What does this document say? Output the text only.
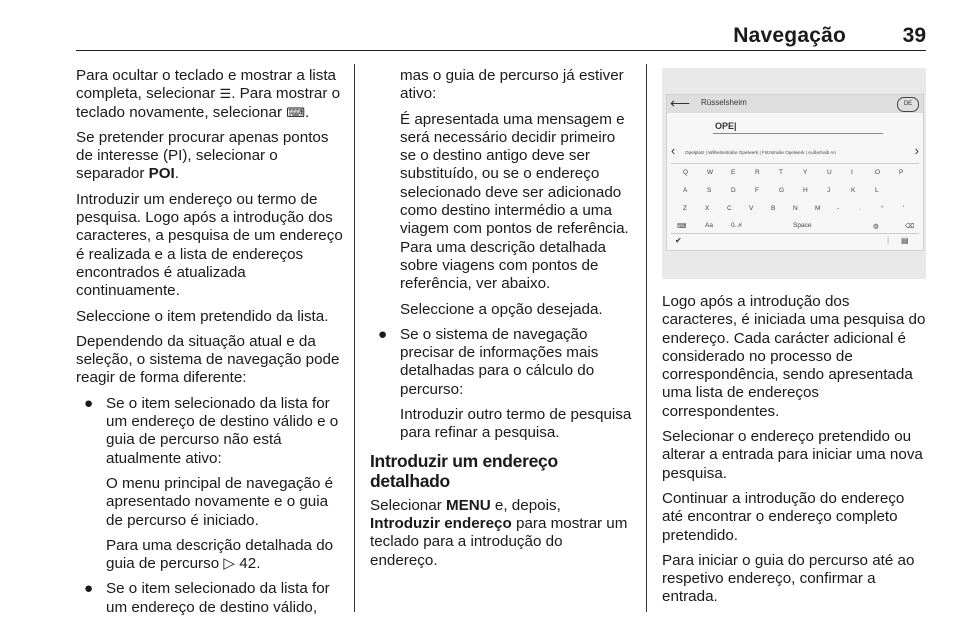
Navegação	39

Para ocultar o teclado e mostrar a lista completa, selecionar ☰. Para mostrar o teclado novamente, selecionar ⌨.

Se pretender procurar apenas pontos de interesse (PI), selecionar o separador POI.

Introduzir um endereço ou termo de pesquisa. Logo após a introdução dos caracteres, a pesquisa de um endereço é realizada e a lista de endereços encontrados é atualizada continuamente.

Seleccione o item pretendido da lista.

Dependendo da situação atual e da seleção, o sistema de navegação pode reagir de forma diferente:

● Se o item selecionado da lista for um endereço de destino válido e o guia de percurso não está atualmente ativo:

O menu principal de navegação é apresentado novamente e o guia de percurso é iniciado.

Para uma descrição detalhada do guia de percurso ▷ 42.

● Se o item selecionado da lista for um endereço de destino válido,

mas o guia de percurso já estiver ativo:

É apresentada uma mensagem e será necessário decidir primeiro se o destino antigo deve ser substituído, ou se o endereço selecionado deve ser adicionado como destino intermédio a uma viagem com pontos de referência. Para uma descrição detalhada sobre viagens com pontos de referência, ver abaixo.

Seleccione a opção desejada.

● Se o sistema de navegação precisar de informações mais detalhadas para o cálculo do percurso:

Introduzir outro termo de pesquisa para refinar a pesquisa.

Introduzir um endereço detalhado

Selecionar MENU e, depois, Introduzir endereço para mostrar um teclado para a introdução do endereço.

⟵ Rüsselsheim	DE
OPE|
‹ Opelplatz | Wilhelmstraße Opelwerk | Fritzstraße Opelwerk | Außerhalb An	›
Q	W	E	R	T	Y	U	I	O	P
A	S	D	F	G	H	J	K	L
Z	X	C	V	B	N	M	-	.	°	'
⌨	Aa	0..#	Space	◍	⌫
✔	| ▤

Logo após a introdução dos caracteres, é iniciada uma pesquisa do endereço. Cada carácter adicional é considerado no processo de correspondência, sendo apresentada uma lista de endereços correspondentes.

Selecionar o endereço pretendido ou alterar a entrada para iniciar uma nova pesquisa.

Continuar a introdução do endereço até encontrar o endereço completo pretendido.

Para iniciar o guia do percurso até ao respetivo endereço, confirmar a entrada.
